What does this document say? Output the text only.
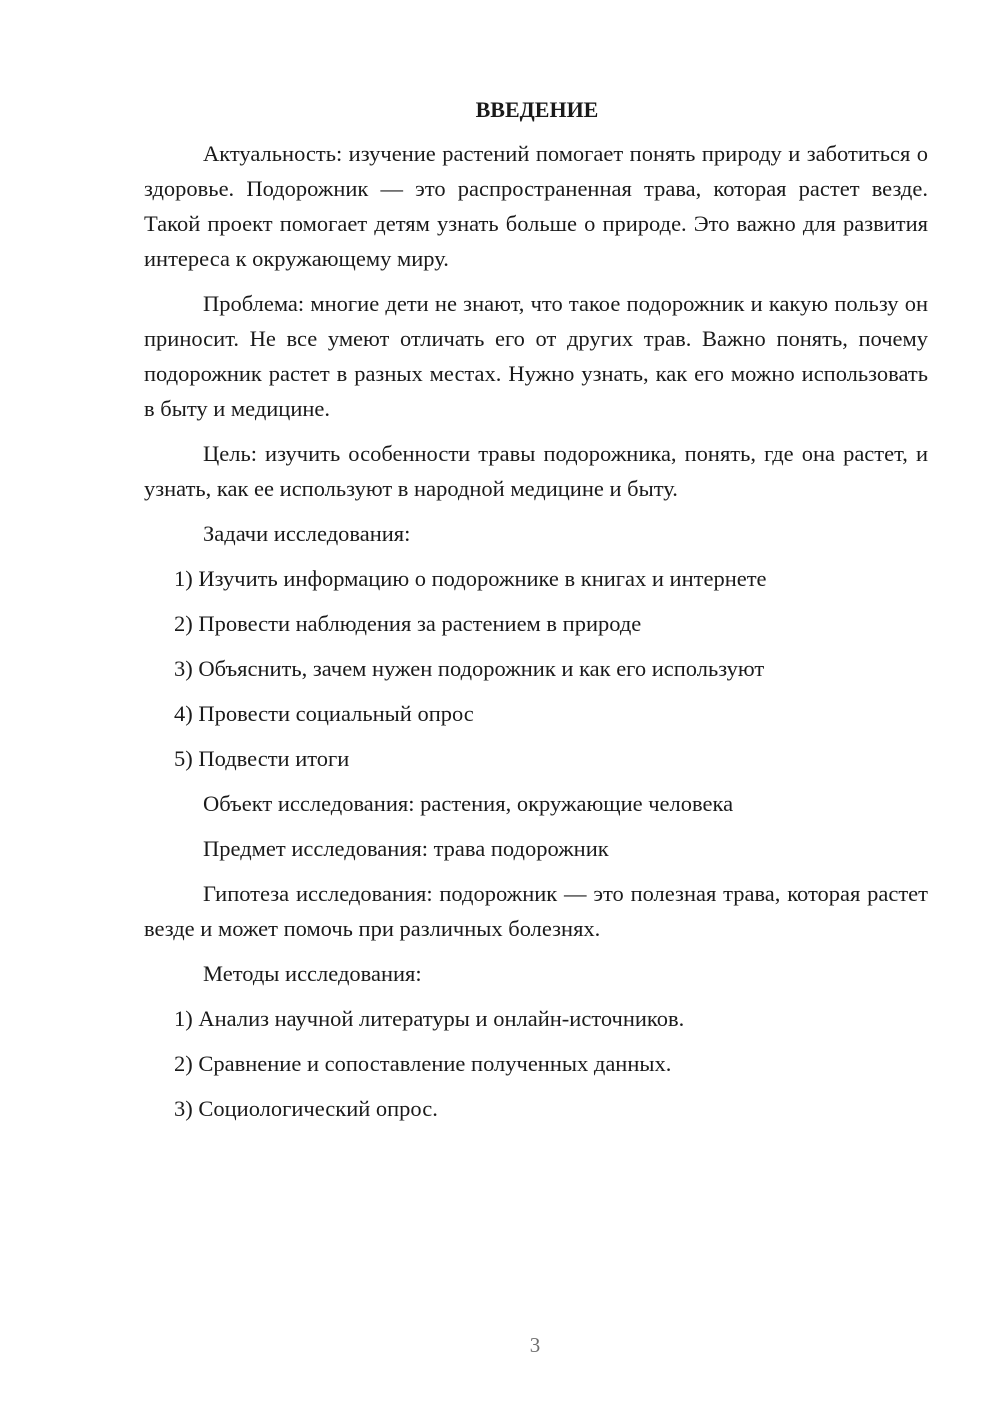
ВВЕДЕНИЕ

Актуальность: изучение растений помогает понять природу и заботиться о здоровье. Подорожник — это распространенная трава, которая растет везде. Такой проект помогает детям узнать больше о природе. Это важно для развития интереса к окружающему миру.

Проблема: многие дети не знают, что такое подорожник и какую пользу он приносит. Не все умеют отличать его от других трав. Важно понять, почему подорожник растет в разных местах. Нужно узнать, как его можно использовать в быту и медицине.

Цель: изучить особенности травы подорожника, понять, где она растет, и узнать, как ее используют в народной медицине и быту.

Задачи исследования:
1) Изучить информацию о подорожнике в книгах и интернете
2) Провести наблюдения за растением в природе
3) Объяснить, зачем нужен подорожник и как его используют
4) Провести социальный опрос
5) Подвести итоги
Объект исследования: растения, окружающие человека
Предмет исследования: трава подорожник

Гипотеза исследования: подорожник — это полезная трава, которая растет везде и может помочь при различных болезнях.

Методы исследования:
1) Анализ научной литературы и онлайн-источников.
2) Сравнение и сопоставление полученных данных.
3) Социологический опрос.
3
